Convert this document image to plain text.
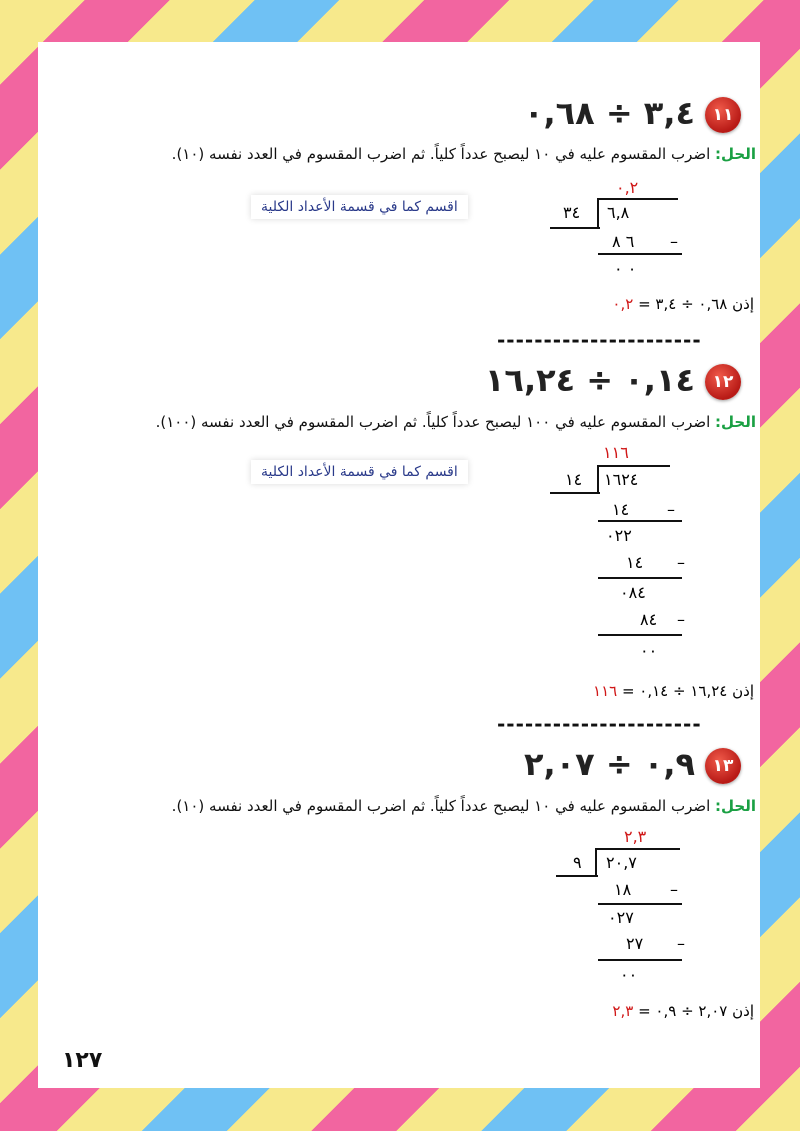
١١
٣,٤ ÷ ٠,٦٨
الحل: اضرب المقسوم عليه في ١٠ ليصبح عدداً كلياً. ثم اضرب المقسوم في العدد نفسه (١٠).
اقسم كما في قسمة الأعداد الكلية
٠,٢
٣٤ ٦,٨
٦ ٨ –
٠ ٠
إذن ٠,٦٨ ÷ ٣,٤ = ٠,٢
----------------------
١٢
٠,١٤ ÷ ١٦,٢٤
الحل: اضرب المقسوم عليه في ١٠٠ ليصبح عدداً كلياً. ثم اضرب المقسوم في العدد نفسه (١٠٠).
اقسم كما في قسمة الأعداد الكلية
١١٦
١٤ ١٦٢٤
١٤ –
٠٢٢
١٤ –
٠٨٤
٨٤ –
٠٠
إذن ١٦,٢٤ ÷ ٠,١٤ = ١١٦
----------------------
١٣
٠,٩ ÷ ٢,٠٧
الحل: اضرب المقسوم عليه في ١٠ ليصبح عدداً كلياً. ثم اضرب المقسوم في العدد نفسه (١٠).
٢,٣
٩ ٢٠,٧
١٨ –
٠٢٧
٢٧ –
٠٠
إذن ٢,٠٧ ÷ ٠,٩ = ٢,٣
١٢٧
